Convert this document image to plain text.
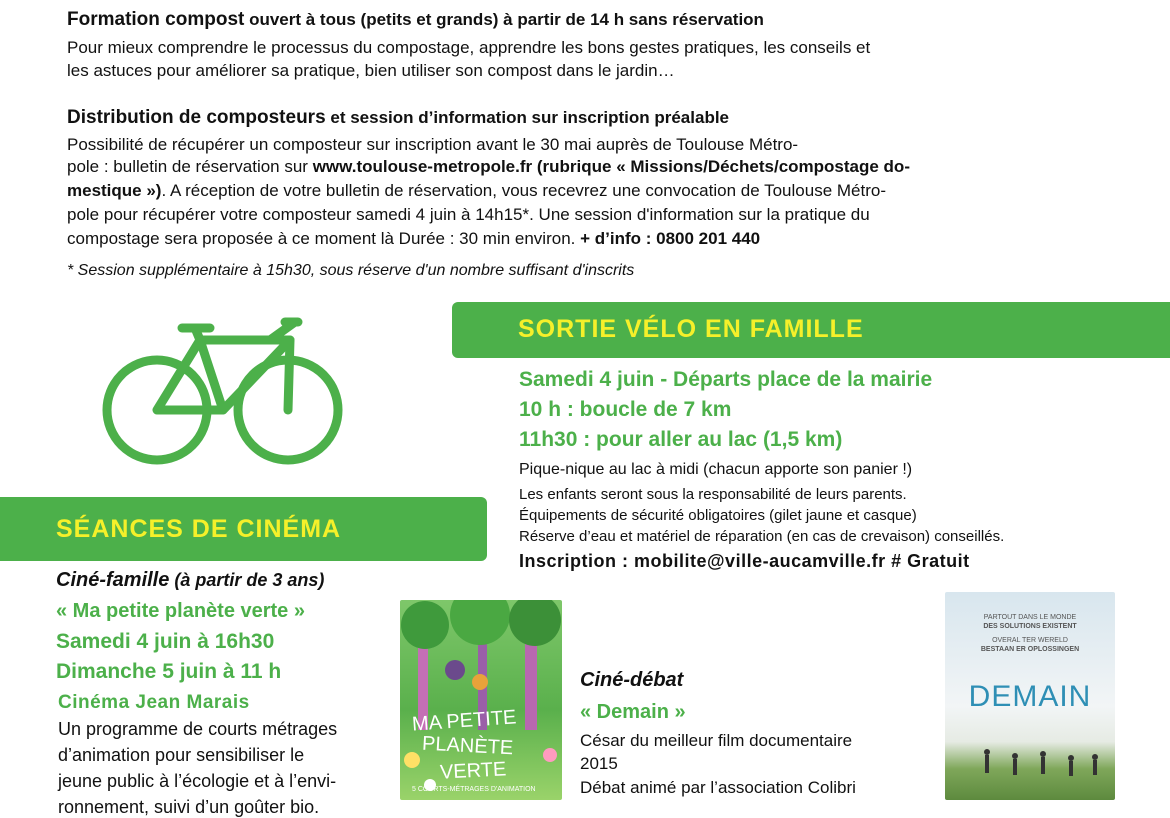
Formation compost ouvert à tous (petits et grands) à partir de 14 h sans réservation
Pour mieux comprendre le processus du compostage, apprendre les bons gestes pratiques, les conseils et
les astuces pour améliorer sa pratique, bien utiliser son compost dans le jardin…
Distribution de composteurs et session d’information sur inscription préalable
Possibilité de récupérer un composteur sur inscription avant le 30 mai auprès de Toulouse Métro-
pole : bulletin de réservation sur www.toulouse-metropole.fr (rubrique « Missions/Déchets/compostage do-
mestique »). A réception de votre bulletin de réservation, vous recevrez une convocation de Toulouse Métro-
pole pour récupérer votre composteur samedi 4 juin à 14h15*. Une session d'information sur la pratique du
compostage sera proposée à ce moment là Durée : 30 min environ. + d’info : 0800 201 440
* Session supplémentaire à 15h30, sous réserve d'un nombre suffisant d'inscrits
SORTIE VÉLO EN FAMILLE
Samedi 4 juin - Départs place de la mairie
10 h : boucle de 7 km
11h30 : pour aller au lac (1,5 km)
Pique-nique au lac à midi (chacun apporte son panier !)
Les enfants seront sous la responsabilité de leurs parents.
Équipements de sécurité obligatoires (gilet jaune et casque)
Réserve d’eau et matériel de réparation (en cas de crevaison) conseillés.
Inscription : mobilite@ville-aucamville.fr # Gratuit
SÉANCES DE CINÉMA
Ciné-famille (à partir de 3 ans)
« Ma petite planète verte »
Samedi 4 juin à 16h30
Dimanche 5 juin à 11 h
Cinéma Jean Marais
Un programme de courts métrages
d’animation pour sensibiliser le
jeune public à l’écologie et à l’envi-
ronnement, suivi d’un goûter bio.
MA PETITE
PLANÈTE
VERTE
5 COURTS-MÉTRAGES D'ANIMATION
Ciné-débat
« Demain »
César du meilleur film documentaire
2015
Débat animé par l’association Colibri
PARTOUT DANS LE MONDE
DES SOLUTIONS EXISTENT
OVERAL TER WERELD
BESTAAN ER OPLOSSINGEN
DEMAIN
